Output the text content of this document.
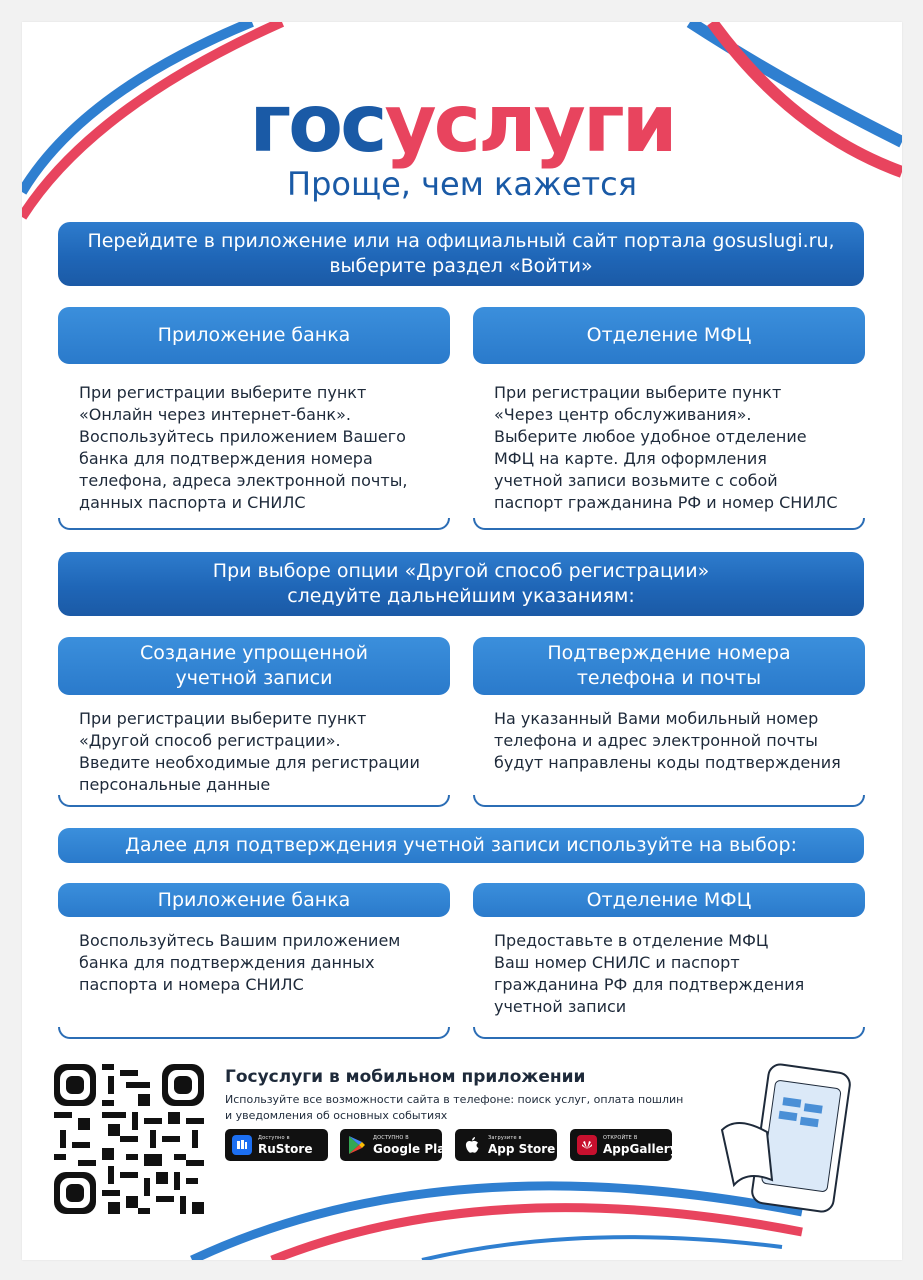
госуслуги
Проще, чем кажется
Перейдите в приложение или на официальный сайт портала gosuslugi.ru,
выберите раздел «Войти»
Приложение банка	Отделение МФЦ
При регистрации выберите пункт
«Онлайн через интернет-банк».
Воспользуйтесь приложением Вашего
банка для подтверждения номера
телефона, адреса электронной почты,
данных паспорта и СНИЛС
При регистрации выберите пункт
«Через центр обслуживания».
Выберите любое удобное отделение
МФЦ на карте. Для оформления
учетной записи возьмите с собой
паспорт гражданина РФ и номер СНИЛС
При выборе опции «Другой способ регистрации»
следуйте дальнейшим указаниям:
Создание упрощенной
учетной записи
Подтверждение номера
телефона и почты
При регистрации выберите пункт
«Другой способ регистрации».
Введите необходимые для регистрации
персональные данные
На указанный Вами мобильный номер
телефона и адрес электронной почты
будут направлены коды подтверждения
Далее для подтверждения учетной записи используйте на выбор:
Приложение банка	Отделение МФЦ
Воспользуйтесь Вашим приложением
банка для подтверждения данных
паспорта и номера СНИЛС
Предоставьте в отделение МФЦ
Ваш номер СНИЛС и паспорт
гражданина РФ для подтверждения
учетной записи
Госуслуги в мобильном приложении
Используйте все возможности сайта в телефоне: поиск услуг, оплата пошлин
и уведомления об основных событиях
Доступно в
RuStore
ДОСТУПНО В
Google Play
Загрузите в
App Store
ОТКРОЙТЕ В
AppGallery
